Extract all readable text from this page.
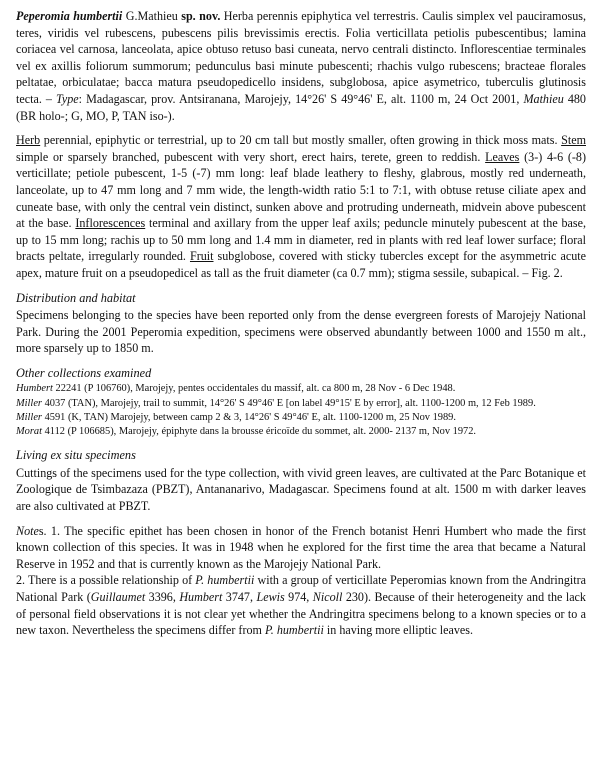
Peperomia humbertii G.Mathieu sp. nov. Herba perennis epiphytica vel terrestris. Caulis simplex vel pauciramosus, teres, viridis vel rubescens, pubescens pilis brevissimis erectis. Folia verticillata petiolis pubescentibus; lamina coriacea vel carnosa, lanceolata, apice obtuso retuso basi cuneata, nervo centrali distincto. Inflorescentiae terminales vel ex axillis foliorum summorum; pedunculus basi minute pubescenti; rhachis vulgo rubescens; bracteae florales peltatae, orbiculatae; bacca matura pseudopedicello insidens, subglobosa, apice asymetrico, tuberculis glutinosis tecta. – Type: Madagascar, prov. Antsiranana, Marojejy, 14°26' S 49°46' E, alt. 1100 m, 24 Oct 2001, Mathieu 480 (BR holo-; G, MO, P, TAN iso-).

Herb perennial, epiphytic or terrestrial, up to 20 cm tall but mostly smaller, often growing in thick moss mats. Stem simple or sparsely branched, pubescent with very short, erect hairs, terete, green to reddish. Leaves (3-) 4-6 (-8) verticillate; petiole pubescent, 1-5 (-7) mm long: leaf blade leathery to fleshy, glabrous, mostly red underneath, lanceolate, up to 47 mm long and 7 mm wide, the length-width ratio 5:1 to 7:1, with obtuse retuse ciliate apex and cuneate base, with only the central vein distinct, sunken above and protruding underneath, midvein above pubescent at the base. Inflorescences terminal and axillary from the upper leaf axils; peduncle minutely pubescent at the base, up to 15 mm long; rachis up to 50 mm long and 1.4 mm in diameter, red in plants with red leaf lower surface; floral bracts peltate, irregularly rounded. Fruit subglobose, covered with sticky tubercles except for the asymmetric acute apex, mature fruit on a pseudopedicel as tall as the fruit diameter (ca 0.7 mm); stigma sessile, subapical. – Fig. 2.

Distribution and habitat

Specimens belonging to the species have been reported only from the dense evergreen forests of Marojejy National Park. During the 2001 Peperomia expedition, specimens were observed abundantly between 1000 and 1550 m alt., more sparsely up to 1850 m.

Other collections examined

Humbert 22241 (P 106760), Marojejy, pentes occidentales du massif, alt. ca 800 m, 28 Nov - 6 Dec 1948.

Miller 4037 (TAN), Marojejy, trail to summit, 14°26' S 49°46' E [on label 49°15' E by error], alt. 1100-1200 m, 12 Feb 1989.

Miller 4591 (K, TAN) Marojejy, between camp 2 & 3, 14°26' S 49°46' E, alt. 1100-1200 m, 25 Nov 1989.

Morat 4112 (P 106685), Marojejy, épiphyte dans la brousse éricoïde du sommet, alt. 2000- 2137 m, Nov 1972.

Living ex situ specimens

Cuttings of the specimens used for the type collection, with vivid green leaves, are cultivated at the Parc Botanique et Zoologique de Tsimbazaza (PBZT), Antananarivo, Madagascar. Specimens found at alt. 1500 m with darker leaves are also cultivated at PBZT.

Notes. 1. The specific epithet has been chosen in honor of the French botanist Henri Humbert who made the first known collection of this species. It was in 1948 when he explored for the first time the area that became a Natural Reserve in 1952 and that is currently known as the Marojejy National Park.

2. There is a possible relationship of P. humbertii with a group of verticillate Peperomias known from the Andringitra National Park (Guillaumet 3396, Humbert 3747, Lewis 974, Nicoll 230). Because of their heterogeneity and the lack of personal field observations it is not clear yet whether the Andringitra specimens belong to a known species or to a new taxon. Nevertheless the specimens differ from P. humbertii in having more elliptic leaves.
